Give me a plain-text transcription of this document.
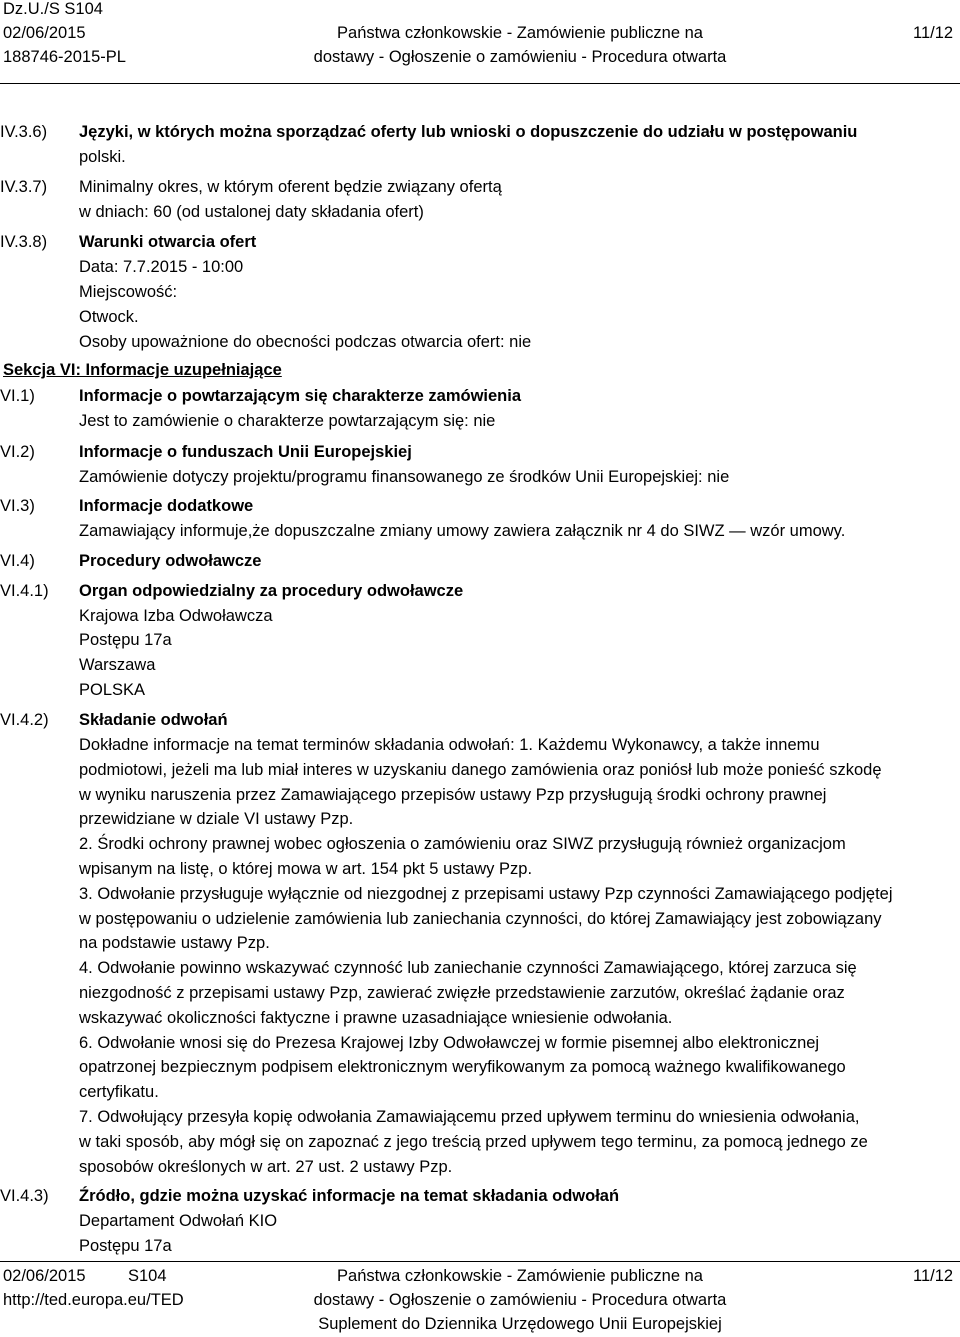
Dz.U./S S104
02/06/2015
188746-2015-PL
Państwa członkowskie - Zamówienie publiczne na
dostawy - Ogłoszenie o zamówieniu - Procedura otwarta
11/12
IV.3.6) Języki, w których można sporządzać oferty lub wnioski o dopuszczenie do udziału w postępowaniu
polski.
IV.3.7) Minimalny okres, w którym oferent będzie związany ofertą
w dniach: 60 (od ustalonej daty składania ofert)
IV.3.8) Warunki otwarcia ofert
Data: 7.7.2015 - 10:00
Miejscowość:
Otwock.
Osoby upoważnione do obecności podczas otwarcia ofert: nie
Sekcja VI: Informacje uzupełniające
VI.1)	Informacje o powtarzającym się charakterze zamówienia
Jest to zamówienie o charakterze powtarzającym się: nie
VI.2)	Informacje o funduszach Unii Europejskiej
Zamówienie dotyczy projektu/programu finansowanego ze środków Unii Europejskiej: nie
VI.3)	Informacje dodatkowe
Zamawiający informuje,że dopuszczalne zmiany umowy zawiera załącznik nr 4 do SIWZ — wzór umowy.
VI.4)	Procedury odwoławcze
VI.4.1) Organ odpowiedzialny za procedury odwoławcze
Krajowa Izba Odwoławcza
Postępu 17a
Warszawa
POLSKA
VI.4.2) Składanie odwołań
Dokładne informacje na temat terminów składania odwołań: 1. Każdemu Wykonawcy, a także innemu
podmiotowi, jeżeli ma lub miał interes w uzyskaniu danego zamówienia oraz poniósł lub może ponieść szkodę
w wyniku naruszenia przez Zamawiającego przepisów ustawy Pzp przysługują środki ochrony prawnej
przewidziane w dziale VI ustawy Pzp.
2. Środki ochrony prawnej wobec ogłoszenia o zamówieniu oraz SIWZ przysługują również organizacjom
wpisanym na listę, o której mowa w art. 154 pkt 5 ustawy Pzp.
3. Odwołanie przysługuje wyłącznie od niezgodnej z przepisami ustawy Pzp czynności Zamawiającego podjętej
w postępowaniu o udzielenie zamówienia lub zaniechania czynności, do której Zamawiający jest zobowiązany
na podstawie ustawy Pzp.
4. Odwołanie powinno wskazywać czynność lub zaniechanie czynności Zamawiającego, której zarzuca się
niezgodność z przepisami ustawy Pzp, zawierać zwięzłe przedstawienie zarzutów, określać żądanie oraz
wskazywać okoliczności faktyczne i prawne uzasadniające wniesienie odwołania.
6. Odwołanie wnosi się do Prezesa Krajowej Izby Odwoławczej w formie pisemnej albo elektronicznej
opatrzonej bezpiecznym podpisem elektronicznym weryfikowanym za pomocą ważnego kwalifikowanego
certyfikatu.
7. Odwołujący przesyła kopię odwołania Zamawiającemu przed upływem terminu do wniesienia odwołania,
w taki sposób, aby mógł się on zapoznać z jego treścią przed upływem tego terminu, za pomocą jednego ze
sposobów określonych w art. 27 ust. 2 ustawy Pzp.
VI.4.3) Źródło, gdzie można uzyskać informacje na temat składania odwołań
Departament Odwołań KIO
Postępu 17a
02/06/2015	S104
http://ted.europa.eu/TED
Państwa członkowskie - Zamówienie publiczne na
dostawy - Ogłoszenie o zamówieniu - Procedura otwarta
Suplement do Dziennika Urzędowego Unii Europejskiej
11/12
